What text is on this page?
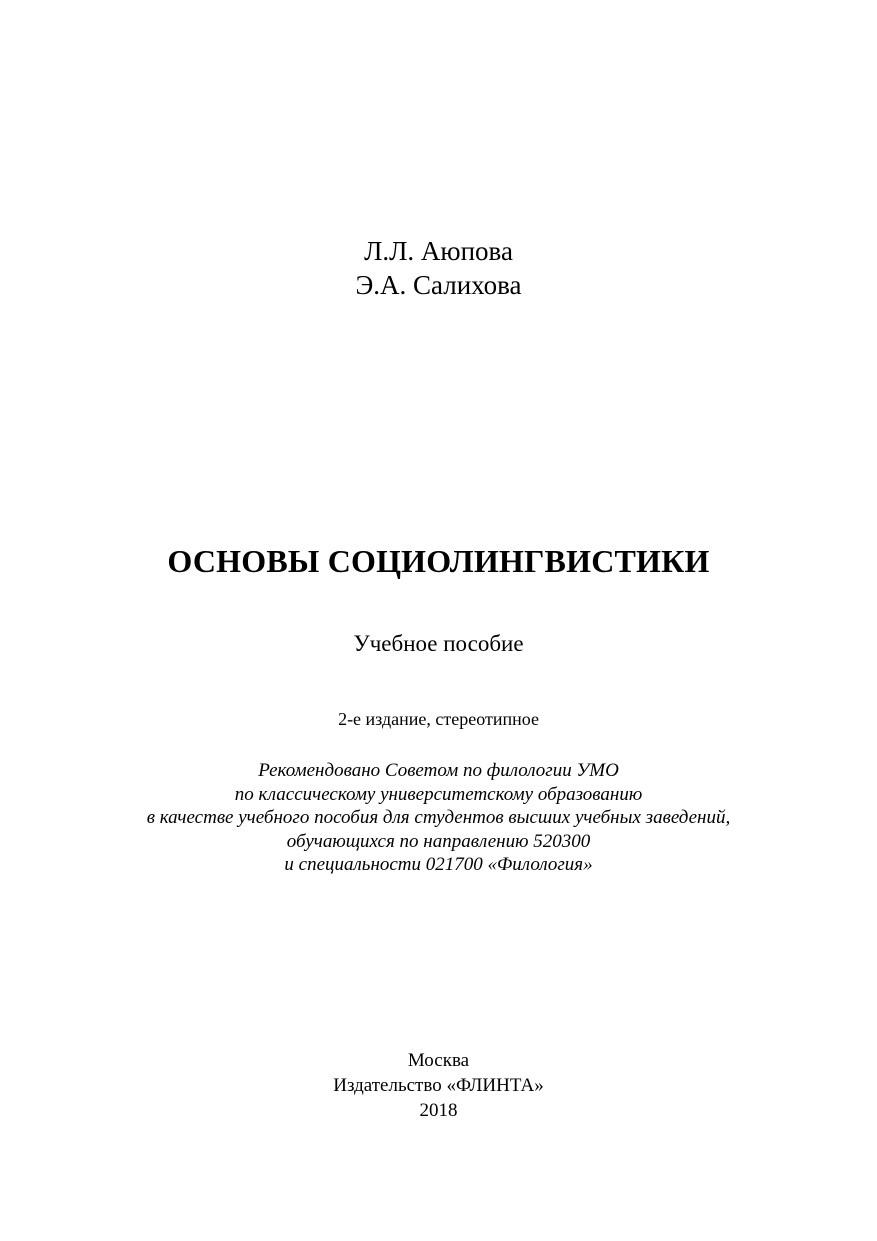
Л.Л. Аюпова
Э.А. Салихова
ОСНОВЫ СОЦИОЛИНГВИСТИКИ
Учебное пособие
2-е издание, стереотипное
Рекомендовано Советом по филологии УМО
по классическому университетскому образованию
в качестве учебного пособия для студентов высших учебных заведений,
обучающихся по направлению 520300
и специальности 021700 «Филология»
Москва
Издательство «ФЛИНТА»
2018
